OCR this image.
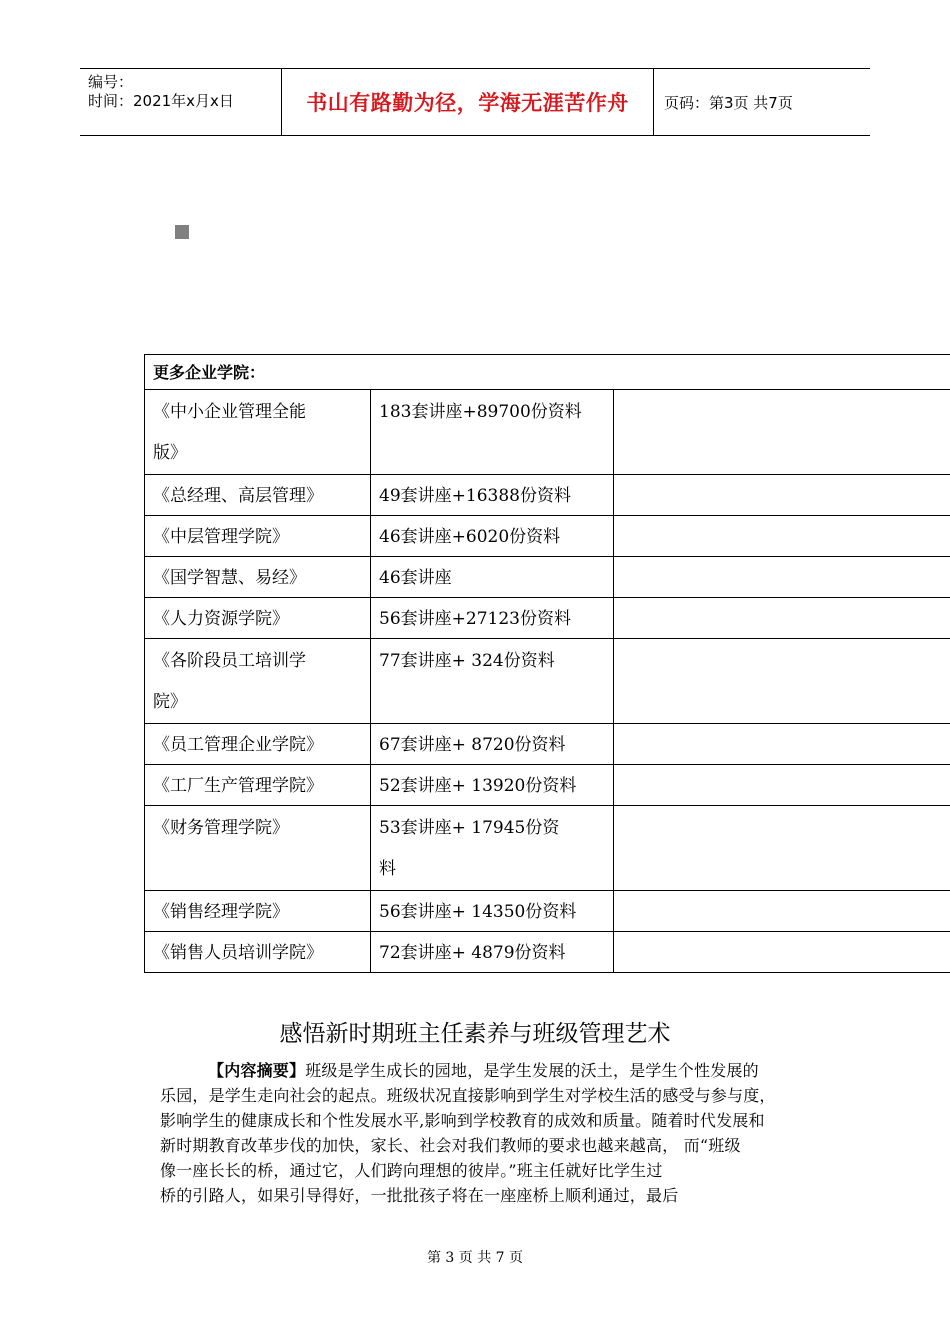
编号：
时间：2021年x月x日	书山有路勤为径，学海无涯苦作舟	页码：第3页 共7页
更多企业学院：		

《中小企业管理全能
版》	183套讲座+89700份资料	

《总经理、高层管理》	49套讲座+16388份资料	

《中层管理学院》	46套讲座+6020份资料	

《国学智慧、易经》	46套讲座	

《人力资源学院》	56套讲座+27123份资料	

《各阶段员工培训学
院》	77套讲座+ 324份资料	

《员工管理企业学院》	67套讲座+ 8720份资料	

《工厂生产管理学院》	52套讲座+ 13920份资料	

《财务管理学院》	53套讲座+ 17945份资
料	

《销售经理学院》	56套讲座+ 14350份资料	

《销售人员培训学院》	72套讲座+ 4879份资料	

感悟新时期班主任素养与班级管理艺术
【内容摘要】班级是学生成长的园地，是学生发展的沃土，是学生个性发展的
乐园，是学生走向社会的起点。班级状况直接影响到学生对学校生活的感受与参与度，
影响学生的健康成长和个性发展水平,影响到学校教育的成效和质量。随着时代发展和
新时期教育改革步伐的加快，家长、社会对我们教师的要求也越来越高， 而“班级
像一座长长的桥，通过它，人们跨向理想的彼岸。”班主任就好比学生过
桥的引路人，如果引导得好，一批批孩子将在一座座桥上顺利通过，最后
第 3 页 共 7 页
